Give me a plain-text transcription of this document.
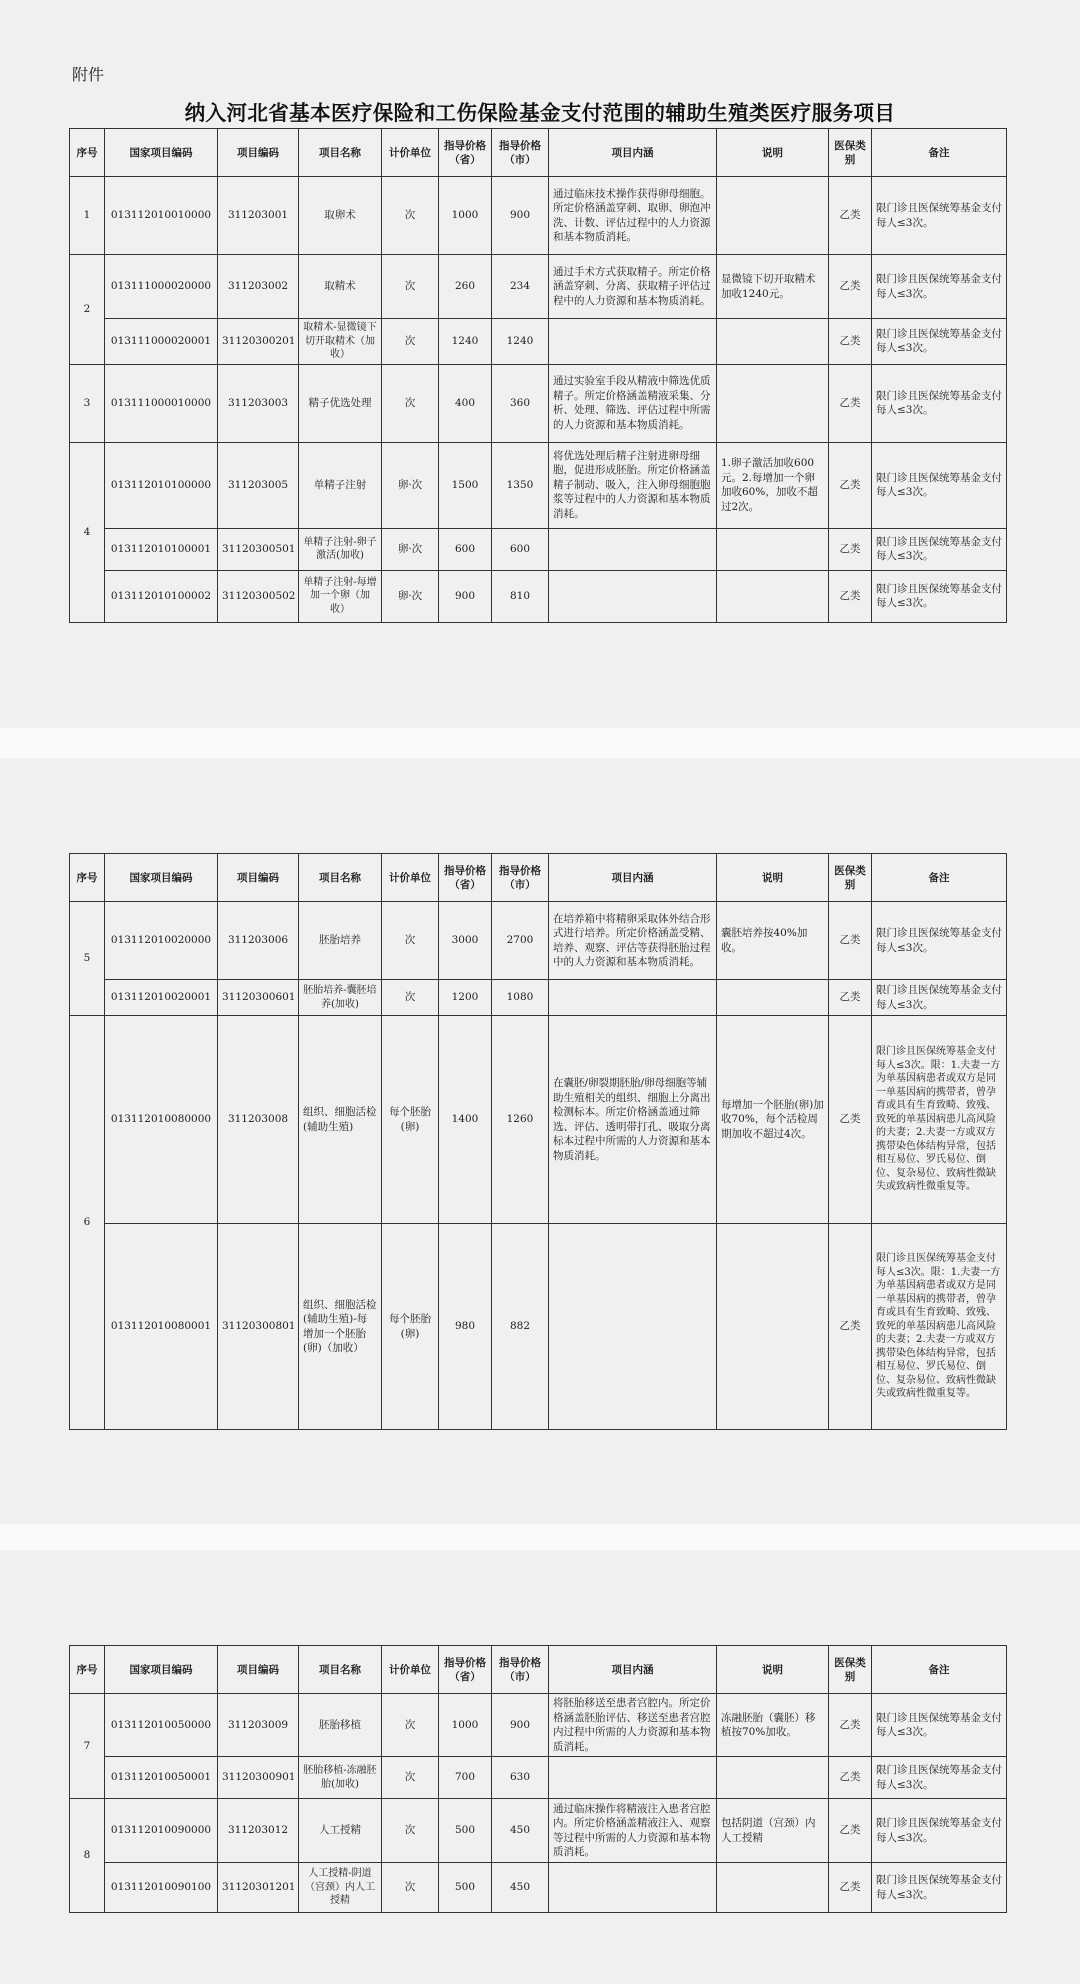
附件
纳入河北省基本医疗保险和工伤保险基金支付范围的辅助生殖类医疗服务项目
序号	国家项目编码	项目编码	项目名称	计价单位	指导价格（省）	指导价格（市）	项目内涵	说明	医保类别	备注
1	013112010010000	311203001	取卵术	次	1000	900	通过临床技术操作获得卵母细胞。所定价格涵盖穿刺、取卵、卵泡冲洗、计数、评估过程中的人力资源和基本物质消耗。		乙类	限门诊且医保统筹基金支付每人≤3次。
2	013111000020000	311203002	取精术	次	260	234	通过手术方式获取精子。所定价格涵盖穿刺、分离、获取精子评估过程中的人力资源和基本物质消耗。	显微镜下切开取精术加收1240元。	乙类	限门诊且医保统筹基金支付每人≤3次。
	013111000020001	31120300201	取精术-显微镜下切开取精术（加收）	次	1240	1240			乙类	限门诊且医保统筹基金支付每人≤3次。
3	013111000010000	311203003	精子优选处理	次	400	360	通过实验室手段从精液中筛选优质精子。所定价格涵盖精液采集、分析、处理、筛选、评估过程中所需的人力资源和基本物质消耗。		乙类	限门诊且医保统筹基金支付每人≤3次。
4	013112010100000	311203005	单精子注射	卵·次	1500	1350	将优选处理后精子注射进卵母细胞，促进形成胚胎。所定价格涵盖精子制动、吸入，注入卵母细胞胞浆等过程中的人力资源和基本物质消耗。	1.卵子激活加收600元。2.每增加一个卵加收60%，加收不超过2次。	乙类	限门诊且医保统筹基金支付每人≤3次。
	013112010100001	31120300501	单精子注射-卵子激活(加收)	卵·次	600	600			乙类	限门诊且医保统筹基金支付每人≤3次。
	013112010100002	31120300502	单精子注射-每增加一个卵（加收）	卵·次	900	810			乙类	限门诊且医保统筹基金支付每人≤3次。
序号	国家项目编码	项目编码	项目名称	计价单位	指导价格（省）	指导价格（市）	项目内涵	说明	医保类别	备注
5	013112010020000	311203006	胚胎培养	次	3000	2700	在培养箱中将精卵采取体外结合形式进行培养。所定价格涵盖受精、培养、观察、评估等获得胚胎过程中的人力资源和基本物质消耗。	囊胚培养按40%加收。	乙类	限门诊且医保统筹基金支付每人≤3次。
	013112010020001	31120300601	胚胎培养-囊胚培养(加收)	次	1200	1080			乙类	限门诊且医保统筹基金支付每人≤3次。
6	013112010080000	311203008	组织、细胞活检　(辅助生殖)	每个胚胎(卵)	1400	1260	在囊胚/卵裂期胚胎/卵母细胞等辅助生殖相关的组织、细胞上分离出检测标本。所定价格涵盖通过筛选、评估、透明带打孔、吸取分离标本过程中所需的人力资源和基本物质消耗。	每增加一个胚胎(卵)加收70%，每个活检周期加收不超过4次。	乙类	限门诊且医保统筹基金支付每人≤3次。限：1.夫妻一方为单基因病患者或双方是同一单基因病的携带者，曾孕育或具有生育致畸、致残、致死的单基因病患儿高风险的夫妻；2.夫妻一方或双方携带染色体结构异常，包括相互易位、罗氏易位、倒位、复杂易位、致病性微缺失或致病性微重复等。
	013112010080001	31120300801	组织、细胞活检(辅助生殖)-每增加一个胚胎(卵)（加收）	每个胚胎(卵)	980	882			乙类	限门诊且医保统筹基金支付每人≤3次。限：1.夫妻一方为单基因病患者或双方是同一单基因病的携带者，曾孕育或具有生育致畸、致残、致死的单基因病患儿高风险的夫妻；2.夫妻一方或双方携带染色体结构异常，包括相互易位、罗氏易位、倒位、复杂易位、致病性微缺失或致病性微重复等。
序号	国家项目编码	项目编码	项目名称	计价单位	指导价格（省）	指导价格（市）	项目内涵	说明	医保类别	备注
7	013112010050000	311203009	胚胎移植	次	1000	900	将胚胎移送至患者宫腔内。所定价格涵盖胚胎评估、移送至患者宫腔内过程中所需的人力资源和基本物质消耗。	冻融胚胎（囊胚）移植按70%加收。	乙类	限门诊且医保统筹基金支付每人≤3次。
	013112010050001	31120300901	胚胎移植-冻融胚胎(加收)	次	700	630			乙类	限门诊且医保统筹基金支付每人≤3次。
8	013112010090000	311203012	人工授精	次	500	450	通过临床操作将精液注入患者宫腔内。所定价格涵盖精液注入、观察等过程中所需的人力资源和基本物质消耗。	包括阴道（宫颈）内人工授精	乙类	限门诊且医保统筹基金支付每人≤3次。
	013112010090100	31120301201	人工授精-阴道（宫颈）内人工授精	次	500	450			乙类	限门诊且医保统筹基金支付每人≤3次。
